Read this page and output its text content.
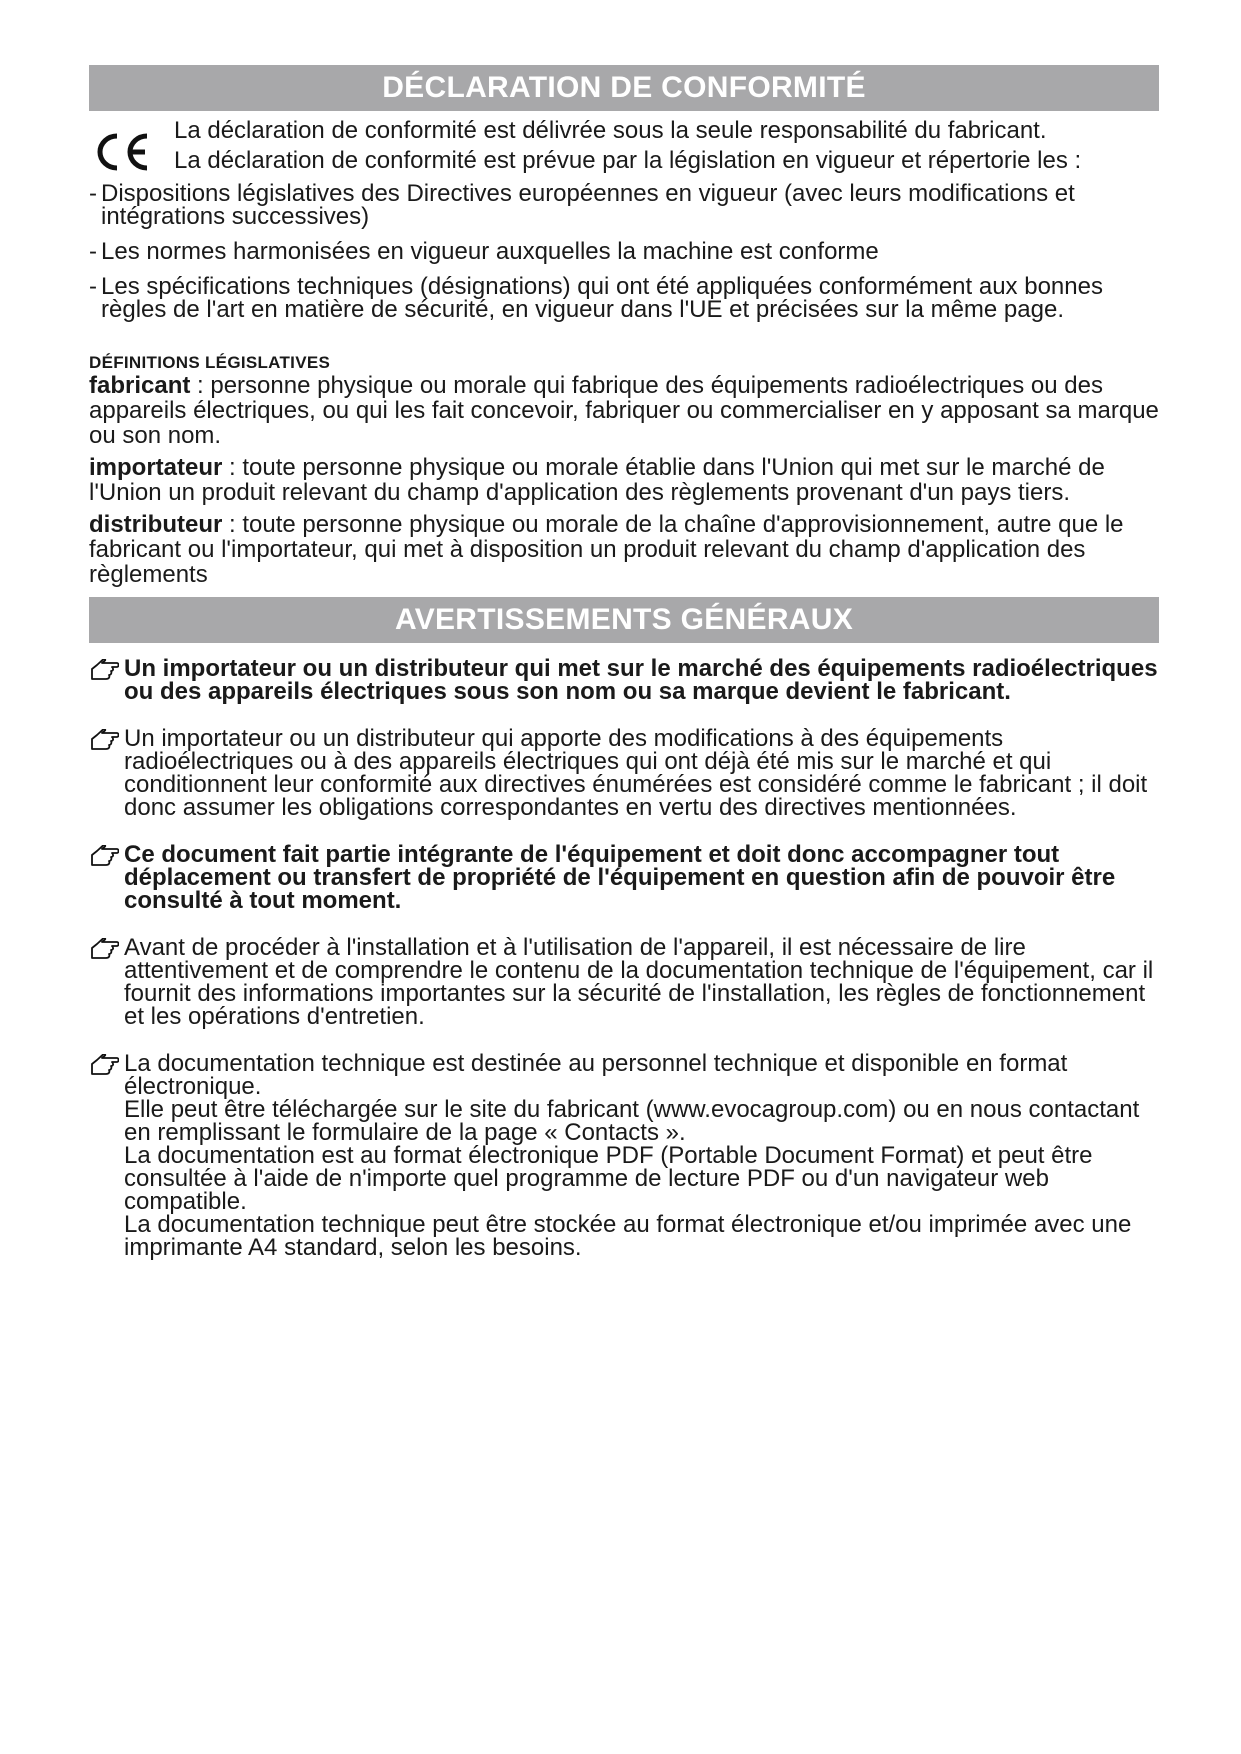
DÉCLARATION DE CONFORMITÉ

La déclaration de conformité est délivrée sous la seule responsabilité du fabricant.

La déclaration de conformité est prévue par la législation en vigueur et répertorie les :

- Dispositions législatives des Directives européennes en vigueur (avec leurs modifications et intégrations successives)
- Les normes harmonisées en vigueur auxquelles la machine est conforme
- Les spécifications techniques (désignations) qui ont été appliquées conformément aux bonnes règles de l'art en matière de sécurité, en vigueur dans l'UE et précisées sur la même page.
DÉFINITIONS LÉGISLATIVES
fabricant : personne physique ou morale qui fabrique des équipements radioélectriques ou des appareils électriques, ou qui les fait concevoir, fabriquer ou commercialiser en y apposant sa marque ou son nom.
importateur : toute personne physique ou morale établie dans l'Union qui met sur le marché de l'Union un produit relevant du champ d'application des règlements provenant d'un pays tiers.
distributeur : toute personne physique ou morale de la chaîne d'approvisionnement, autre que le fabricant ou l'importateur, qui met à disposition un produit relevant du champ d'application des règlements
AVERTISSEMENTS GÉNÉRAUX
Un importateur ou un distributeur qui met sur le marché des équipements radioélectriques ou des appareils électriques sous son nom ou sa marque devient le fabricant.
Un importateur ou un distributeur qui apporte des modifications à des équipements radioélectriques ou à des appareils électriques qui ont déjà été mis sur le marché et qui conditionnent leur conformité aux directives énumérées est considéré comme le fabricant ; il doit donc assumer les obligations correspondantes en vertu des directives mentionnées.
Ce document fait partie intégrante de l'équipement et doit donc accompagner tout déplacement ou transfert de propriété de l'équipement en question afin de pouvoir être consulté à tout moment.
Avant de procéder à l'installation et à l'utilisation de l'appareil, il est nécessaire de lire attentivement et de comprendre le contenu de la documentation technique de l'équipement, car il fournit des informations importantes sur la sécurité de l'installation, les règles de fonctionnement et les opérations d'entretien.
La documentation technique est destinée au personnel technique et disponible en format électronique.
Elle peut être téléchargée sur le site du fabricant (www.evocagroup.com) ou en nous contactant en remplissant le formulaire de la page « Contacts ».
La documentation est au format électronique PDF (Portable Document Format) et peut être consultée à l'aide de n'importe quel programme de lecture PDF ou d'un navigateur web compatible.
La documentation technique peut être stockée au format électronique et/ou imprimée avec une imprimante A4 standard, selon les besoins.
